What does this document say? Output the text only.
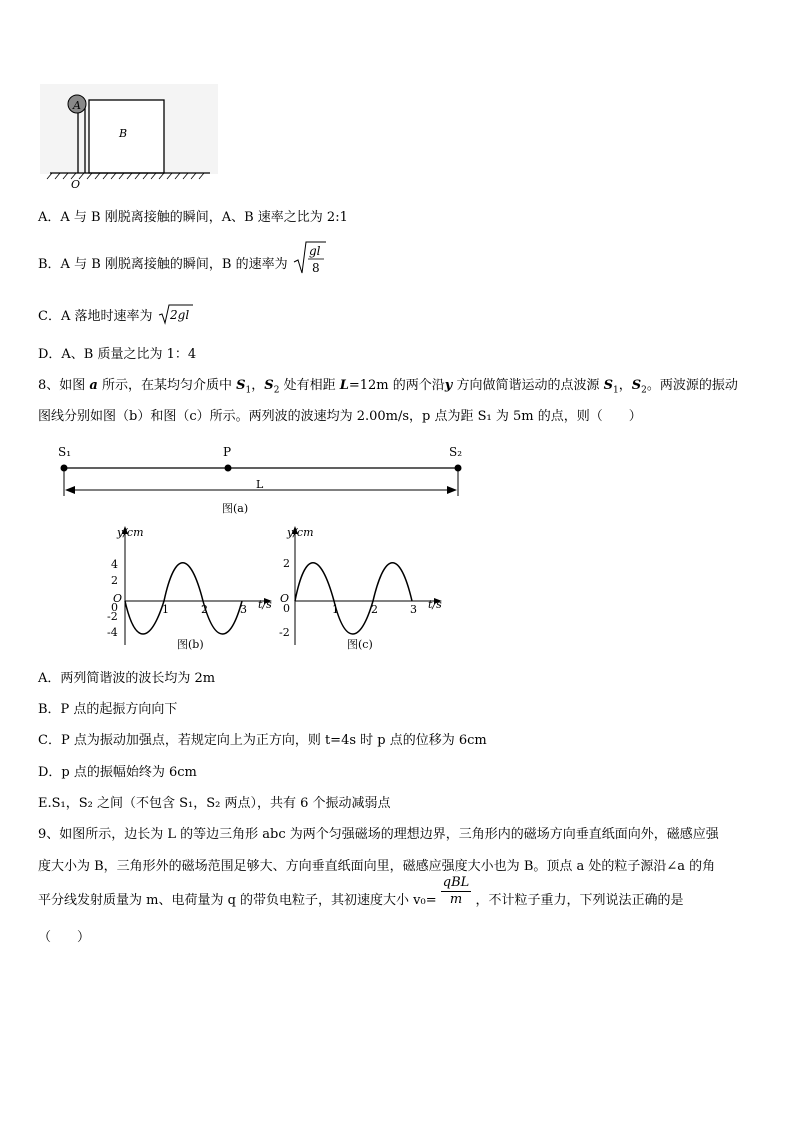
A
B
O
A．A 与 B 刚脱离接触的瞬间，A、B 速率之比为 2:1
B．A 与 B 刚脱离接触的瞬间，B 的速率为
gl
8
C．A 落地时速率为 2gl
D．A、B 质量之比为 1：4
8、如图 a 所示，在某均匀介质中 $S_1$，$S_2$ 处有相距 L=12m 的两个沿y 方向做简谐运动的点波源 $S_1$，$S_2$。两波源的振动
图线分别如图（b）和图（c）所示。两列波的波速均为 2.00m/s，p 点为距 S₁ 为 5m 的点，则（　　）
S₁	P	S₂
L
图(a)
y/cm
t/s
O
4
2
0
-2
-4
1	2	3
图(b)
y/cm
t/s
O
2
0
-2
1	2	3
图(c)
A．两列简谐波的波长均为 2m
B．P 点的起振方向向下
C．P 点为振动加强点，若规定向上为正方向，则 t=4s 时 p 点的位移为 6cm
D．p 点的振幅始终为 6cm
E.S₁，S₂ 之间（不包含 S₁，S₂ 两点），共有 6 个振动减弱点
9、如图所示，边长为 L 的等边三角形 abc 为两个匀强磁场的理想边界，三角形内的磁场方向垂直纸面向外，磁感应强
度大小为 B，三角形外的磁场范围足够大、方向垂直纸面向里，磁感应强度大小也为 B。顶点 a 处的粒子源沿∠a 的角
平分线发射质量为 m、电荷量为 q 的带负电粒子，其初速度大小 v₀=
qBL
m	，不计粒子重力，下列说法正确的是
（　　）
